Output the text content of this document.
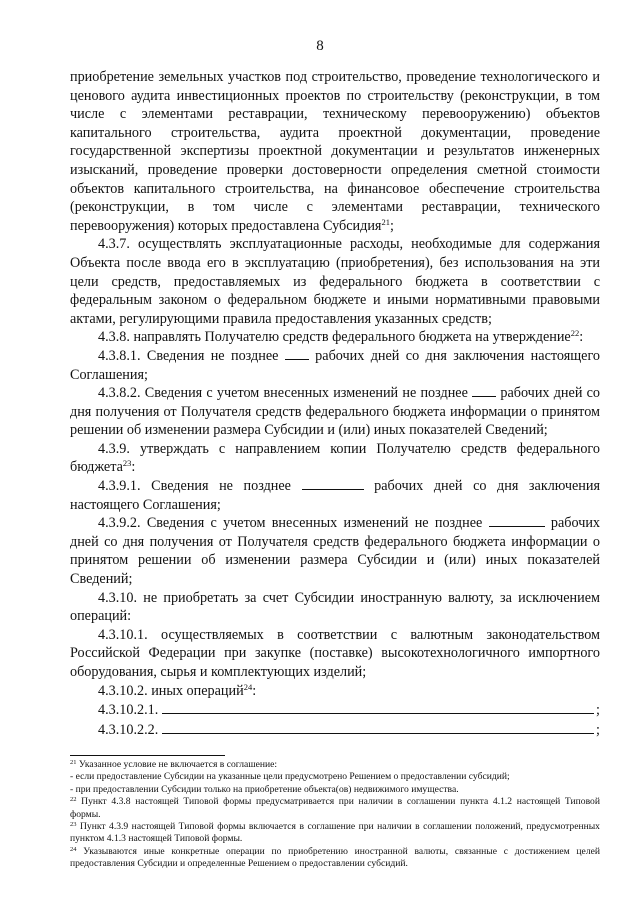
8

приобретение земельных участков под строительство, проведение технологического и ценового аудита инвестиционных проектов по строительству (реконструкции, в том числе с элементами реставрации, техническому перевооружению) объектов капитального строительства, аудита проектной документации, проведение государственной экспертизы проектной документации и результатов инженерных изысканий, проведение проверки достоверности определения сметной стоимости объектов капитального строительства, на финансовое обеспечение строительства (реконструкции, в том числе с элементами реставрации, технического перевооружения) которых предоставлена Субсидия$^{21}$;

4.3.7. осуществлять эксплуатационные расходы, необходимые для содержания Объекта после ввода его в эксплуатацию (приобретения), без использования на эти цели средств, предоставляемых из федерального бюджета в соответствии с федеральным законом о федеральном бюджете и иными нормативными правовыми актами, регулирующими правила предоставления указанных средств;

4.3.8. направлять Получателю средств федерального бюджета на утверждение$^{22}$:

4.3.8.1. Сведения не позднее	рабочих дней со дня заключения настоящего Соглашения;

4.3.8.2. Сведения с учетом внесенных изменений не позднее рабочих дней со дня получения от Получателя средств федерального бюджета информации о принятом решении об изменении размера Субсидии и (или) иных показателей Сведений;

4.3.9. утверждать с направлением копии Получателю средств федерального бюджета$^{23}$:

4.3.9.1. Сведения не позднее	рабочих дней со дня заключения настоящего Соглашения;

4.3.9.2. Сведения с учетом внесенных изменений не позднее	рабочих дней со дня получения от Получателя средств федерального бюджета информации о принятом решении об изменении размера Субсидии и (или) иных показателей Сведений;

4.3.10. не приобретать за счет Субсидии иностранную валюту, за исключением операций:

4.3.10.1. осуществляемых в соответствии с валютным законодательством Российской Федерации при закупке (поставке) высокотехнологичного импортного оборудования, сырья и комплектующих изделий;

4.3.10.2. иных операций$^{24}$:

4.3.10.2.1.	;
4.3.10.2.2.	;

$^{21}$ Указанное условие не включается в соглашение:

- если предоставление Субсидии на указанные цели предусмотрено Решением о предоставлении субсидий;

- при предоставлении Субсидии только на приобретение объекта(ов) недвижимого имущества.

$^{22}$ Пункт 4.3.8 настоящей Типовой формы предусматривается при наличии в соглашении пункта 4.1.2 настоящей Типовой формы.

$^{23}$ Пункт 4.3.9 настоящей Типовой формы включается в соглашение при наличии в соглашении положений, предусмотренных пунктом 4.1.3 настоящей Типовой формы.

$^{24}$ Указываются иные конкретные операции по приобретению иностранной валюты, связанные с достижением целей предоставления Субсидии и определенные Решением о предоставлении субсидий.
